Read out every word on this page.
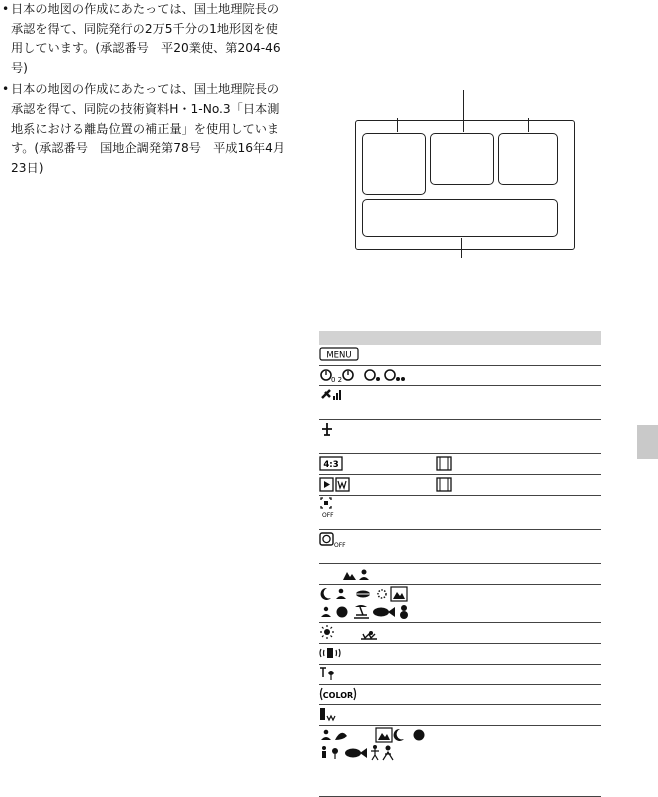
• 日本の地図の作成にあたっては、国土地理院長の承認を得て、同院発行の2万5千分の1地形図を使用しています。(承認番号　平20業使、第204-46号)
• 日本の地図の作成にあたっては、国土地理院長の承認を得て、同院の技術資料H・1-No.3「日本測地系における離島位置の補正量」を使用しています。(承認番号　国地企調発第78号　平成16年4月23日)
MENU
0 2
4:3
OFF
OFF
COLOR
